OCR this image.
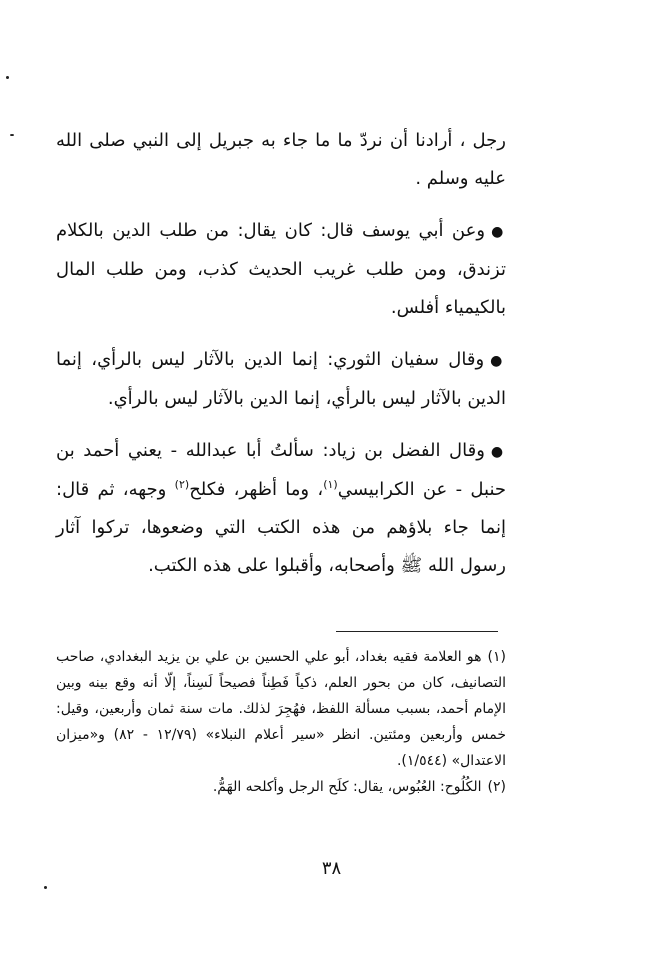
رجل ، أرادنا أن نردّ ما ما جاء به جبريل إلى النبي صلى الله عليه وسلم .

●وعن أبي يوسف قال: كان يقال: من طلب الدين بالكلام تزندق، ومن طلب غريب الحديث كذب، ومن طلب المال بالكيمياء أفلس.

●وقال سفيان الثوري: إنما الدين بالآثار ليس بالرأي، إنما الدين بالآثار ليس بالرأي، إنما الدين بالآثار ليس بالرأي.

●وقال الفضل بن زياد: سألتُ أبا عبدالله - يعني أحمد بن حنبل - عن الكرابيسي$^{(١)}$، وما أظهر، فكلح$^{(٢)}$ وجهه، ثم قال: إنما جاء بلاؤهم من هذه الكتب التي وضعوها، تركوا آثار رسول الله ﷺ وأصحابه، وأقبلوا على هذه الكتب.

(١)هو العلامة فقيه بغداد، أبو علي الحسين بن علي بن يزيد البغدادي، صاحب التصانيف، كان من بحور العلم، ذكياً فَطِناً فصيحاً لَسِناً، إلّا أنه وقع بينه وبين الإمام أحمد، بسبب مسألة اللفظ، فهُجِرَ لذلك. مات سنة ثمان وأربعين، وقيل: خمس وأربعين ومئتين. انظر «سير أعلام النبلاء» (١٢/٧٩ - ٨٢) و«ميزان الاعتدال» (١/٥٤٤).

(٢)الكُلُوح: العُبُوس، يقال: كلَح الرجل وأكلحه الهَمُّ.

٣٨
